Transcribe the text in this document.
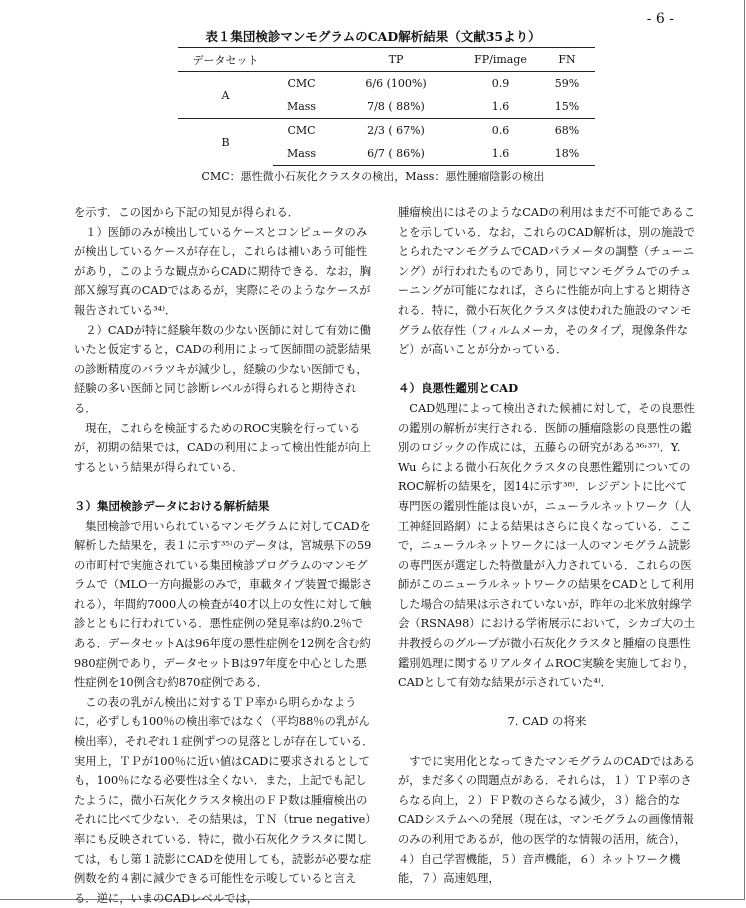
- 6 -
表１集団検診マンモグラムのCAD解析結果（文献35より）
データセット		TP	FP/image	FN
A	CMC	6/6 (100%)	0.9	59%
	Mass	7/8 ( 88%)	1.6	15%
B	CMC	2/3 ( 67%)	0.6	68%
	Mass	6/7 ( 86%)	1.6	18%
CMC：悪性微小石灰化クラスタの検出，Mass：悪性腫瘤陰影の検出

を示す．この図から下記の知見が得られる．

１）医師のみが検出しているケースとコンピュータのみが検出しているケースが存在し，これらは補いあう可能性があり，このような観点からCADに期待できる．なお，胸部Ｘ線写真のCADではあるが，実際にそのようなケースが報告されている³⁴⁾．

２）CADが特に経験年数の少ない医師に対して有効に働いたと仮定すると，CADの利用によって医師間の読影結果の診断精度のバラツキが減少し，経験の少ない医師でも，経験の多い医師と同じ診断レベルが得られると期待される．

現在，これらを検証するためのROC実験を行っているが，初期の結果では，CADの利用によって検出性能が向上するという結果が得られている．

３）集団検診データにおける解析結果

集団検診で用いられているマンモグラムに対してCADを解析した結果を，表１に示す³⁵⁾のデータは，宮城県下の59の市町村で実施されている集団検診プログラムのマンモグラムで（MLO一方向撮影のみで，車載タイプ装置で撮影される），年間約7000人の検査が40才以上の女性に対して触診とともに行われている．悪性症例の発見率は約0.2％である．データセットAは96年度の悪性症例を12例を含む約980症例であり，データセットBは97年度を中心とした悪性症例を10例含む約870症例である．

この表の乳がん検出に対するＴＰ率から明らかなように，必ずしも100％の検出率ではなく（平均88％の乳がん検出率），それぞれ１症例ずつの見落としが存在している．実用上，ＴＰが100％に近い値はCADに要求されるとしても，100％になる必要性は全くない．また，上記でも記したように，微小石灰化クラスタ検出のＦＰ数は腫瘤検出のそれに比べて少ない．その結果は，ＴＮ（true negative）率にも反映されている．特に，微小石灰化クラスタに関しては，もし第１読影にCADを使用しても，読影が必要な症例数を約４割に減少できる可能性を示唆していると言える．逆に，いまのCADレベルでは，

腫瘤検出にはそのようなCADの利用はまだ不可能であることを示している．なお，これらのCAD解析は，別の施設でとられたマンモグラムでCADパラメータの調整（チューニング）が行われたものであり，同じマンモグラムでのチューニングが可能になれば，さらに性能が向上すると期待される．特に，微小石灰化クラスタは使われた施設のマンモグラム依存性（フィルムメーカ，そのタイプ，現像条件など）が高いことが分かっている．

４）良悪性鑑別とCAD

CAD処理によって検出された候補に対して，その良悪性の鑑別の解析が実行される．医師の腫瘤陰影の良悪性の鑑別のロジックの作成には，五藤らの研究がある³⁶˒³⁷⁾．Y. Wu らによる微小石灰化クラスタの良悪性鑑別についてのROC解析の結果を，図14に示す³⁸⁾．レジデントに比べて専門医の鑑別性能は良いが，ニューラルネットワーク（人工神経回路網）による結果はさらに良くなっている．ここで，ニューラルネットワークには一人のマンモグラム読影の専門医が選定した特徴量が入力されている．これらの医師がこのニューラルネットワークの結果をCADとして利用した場合の結果は示されていないが，昨年の北米放射線学会（RSNA98）における学術展示において，シカゴ大の土井教授らのグループが微小石灰化クラスタと腫瘤の良悪性鑑別処理に関するリアルタイムROC実験を実施しており，CADとして有効な結果が示されていた⁴⁾．

7. CAD の将来

すでに実用化となってきたマンモグラムのCADではあるが，まだ多くの問題点がある．それらは，１）ＴＰ率のさらなる向上，２）ＦＰ数のさらなる減少，３）総合的なCADシステムへの発展（現在は，マンモグラムの画像情報のみの利用であるが，他の医学的な情報の活用，統合），４）自己学習機能，５）音声機能，６）ネットワーク機能，７）高速処理，
